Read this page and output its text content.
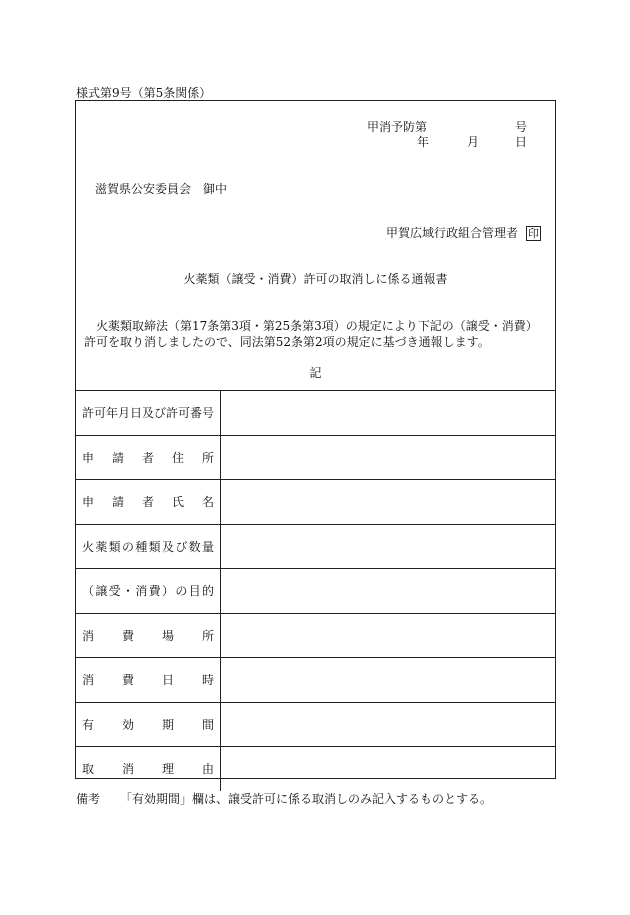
様式第9号（第5条関係）
甲消予防第	号
年	月	日
滋賀県公安委員会 御中
甲賀広域行政組合管理者 印
火薬類（譲受・消費）許可の取消しに係る通報書
火薬類取締法（第17条第3項・第25条第3項）の規定により下記の（譲受・消費）許可を取り消しましたので、同法第52条第2項の規定に基づき通報します。
記
許可年月日及び許可番号	
申請者住所	
申請者氏名	
火薬類の種類及び数量	
（譲受・消費）の目的	
消費場所	
消費日時	
有効期間	
取消理由	
備考 「有効期間」欄は、譲受許可に係る取消しのみ記入するものとする。
